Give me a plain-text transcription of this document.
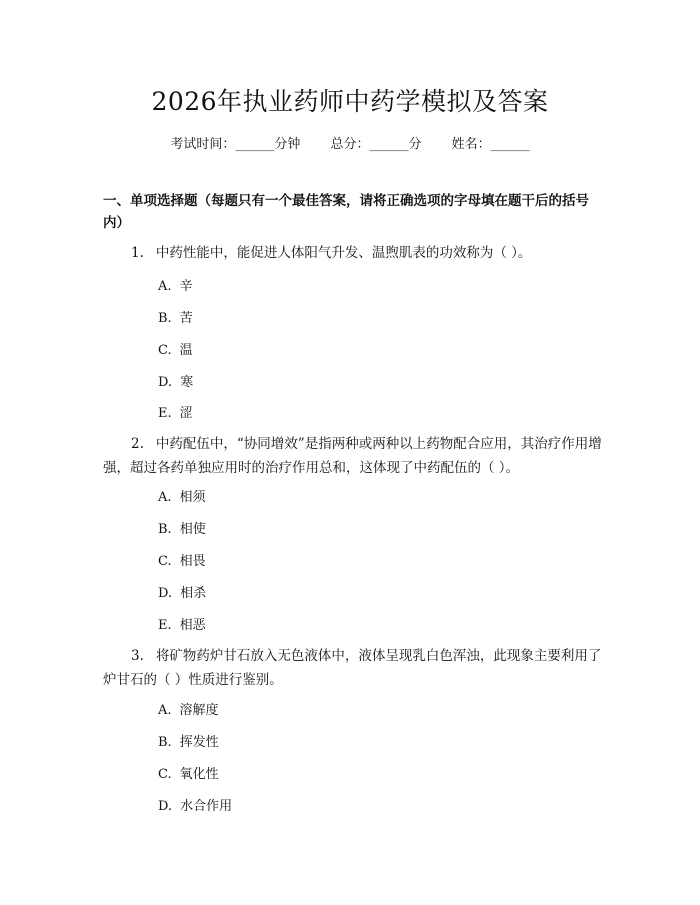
2026年执业药师中药学模拟及答案
考试时间：______分钟 总分：______分 姓名：______
一、单项选择题（每题只有一个最佳答案，请将正确选项的字母填在题干后的括号内）
1. 中药性能中，能促进人体阳气升发、温煦肌表的功效称为（ ）。
A. 辛
B. 苦
C. 温
D. 寒
E. 涩
2. 中药配伍中，“协同增效”是指两种或两种以上药物配合应用，其治疗作用增强，超过各药单独应用时的治疗作用总和，这体现了中药配伍的（ ）。
A. 相须
B. 相使
C. 相畏
D. 相杀
E. 相恶
3. 将矿物药炉甘石放入无色液体中，液体呈现乳白色浑浊，此现象主要利用了炉甘石的（ ）性质进行鉴别。
A. 溶解度
B. 挥发性
C. 氧化性
D. 水合作用
